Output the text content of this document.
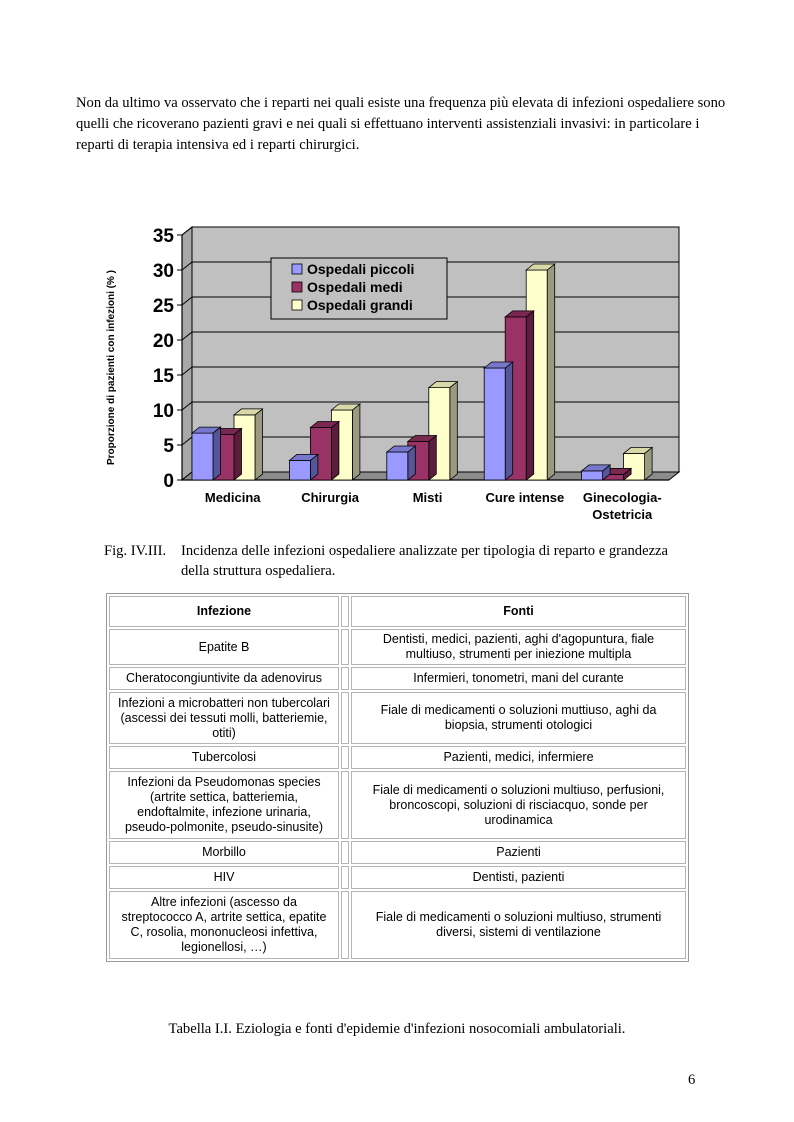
Non da ultimo va osservato che i reparti nei quali esiste una frequenza più elevata di infezioni ospedaliere sono quelli che ricoverano pazienti gravi e nei quali si effettuano interventi assistenziali invasivi: in particolare i reparti di terapia intensiva ed i reparti chirurgici.

0
5
10
15
20
25
30
35
Proporzione di pazienti con infezioni (% )
Medicina	Chirurgia	Misti	Cure intense Ginecologia-
Ostetricia
Ospedali piccoli
Ospedali medi
Ospedali grandi
Fig. IV.III. Incidenza delle infezioni ospedaliere analizzate per tipologia di reparto e grandezza
della struttura ospedaliera.
Infezione		Fonti
Epatite B		Dentisti, medici, pazienti, aghi d'agopuntura, fiale multiuso, strumenti per iniezione multipla
Cheratocongiuntivite da adenovirus		Infermieri, tonometri, mani del curante
Infezioni a microbatteri non tubercolari (ascessi dei tessuti molli, batteriemie, otiti)		Fiale di medicamenti o soluzioni muttiuso, aghi da biopsia, strumenti otologici
Tubercolosi		Pazienti, medici, infermiere
Infezioni da Pseudomonas species (artrite settica, batteriemia, endoftalmite, infezione urinaria, pseudo-polmonite, pseudo-sinusite)		Fiale di medicamenti o soluzioni multiuso, perfusioni, broncoscopi, soluzioni di risciacquo, sonde per urodinamica
Morbillo		Pazienti
HIV		Dentisti, pazienti
Altre infezioni (ascesso da streptococco A, artrite settica, epatite C, rosolia, mononucleosi infettiva, legionellosi, …)		Fiale di medicamenti o soluzioni multiuso, strumenti diversi, sistemi di ventilazione
Tabella I.I. Eziologia e fonti d'epidemie d'infezioni nosocomiali ambulatoriali.
6
